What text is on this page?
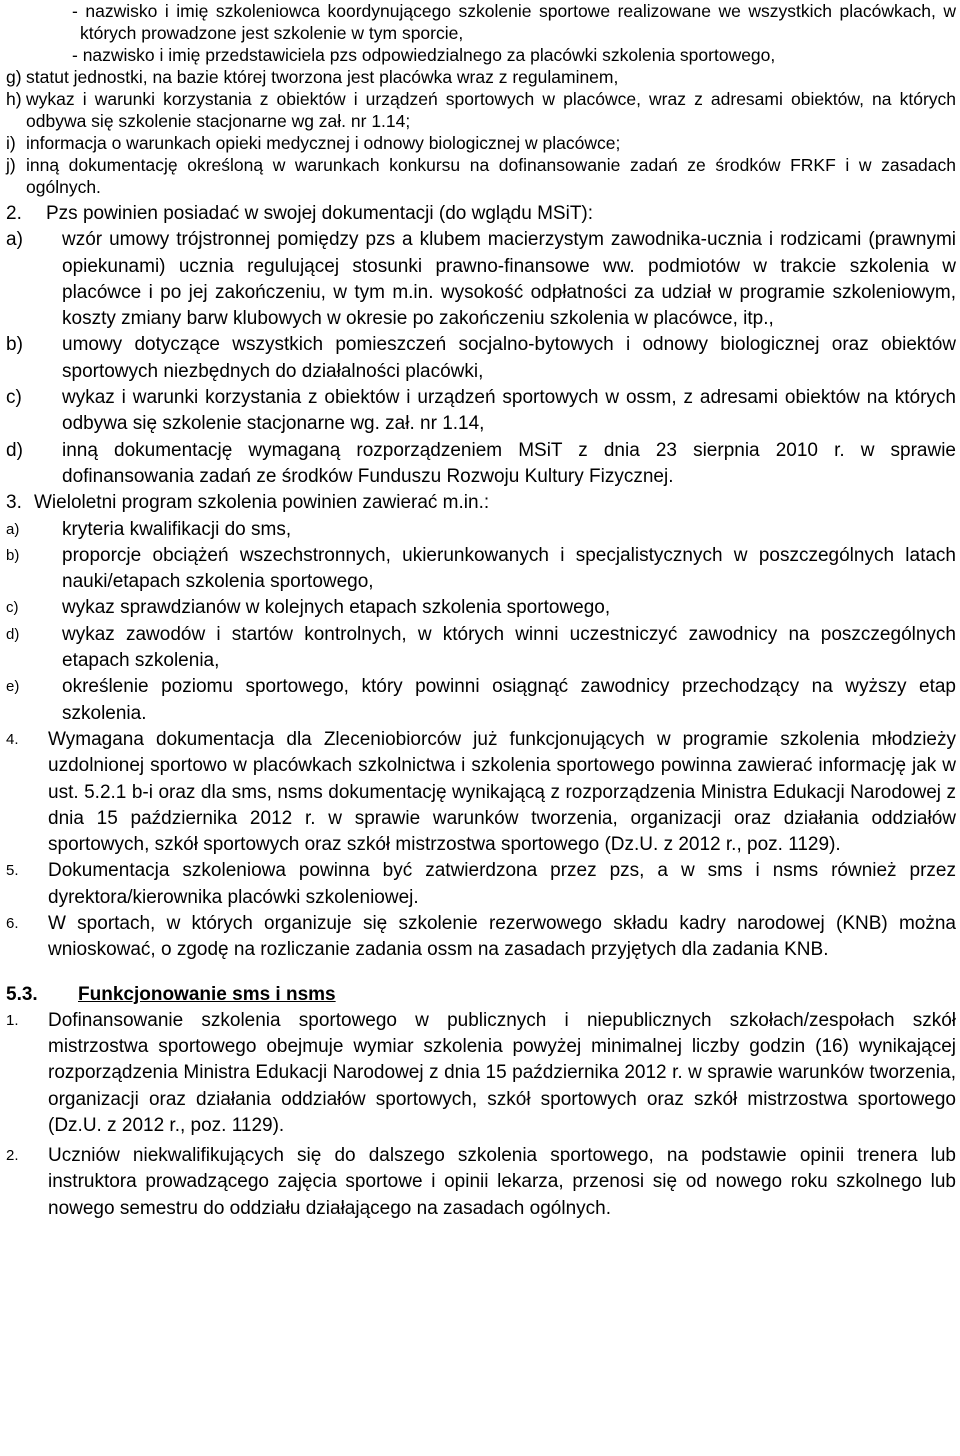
- nazwisko i imię szkoleniowca koordynującego szkolenie sportowe realizowane we wszystkich placówkach, w których prowadzone jest szkolenie w tym sporcie,
- nazwisko i imię przedstawiciela pzs odpowiedzialnego za placówki szkolenia sportowego,
g) statut jednostki, na bazie której tworzona jest placówka wraz z regulaminem,
h) wykaz i warunki korzystania z obiektów i urządzeń sportowych w placówce, wraz z adresami obiektów, na których odbywa się szkolenie stacjonarne wg zał. nr 1.14;
i) informacja o warunkach opieki medycznej i odnowy biologicznej w placówce;
j) inną dokumentację określoną w warunkach konkursu na dofinansowanie zadań ze środków FRKF i w zasadach ogólnych.
2. Pzs powinien posiadać w swojej dokumentacji (do wglądu MSiT):
a) wzór umowy trójstronnej pomiędzy pzs a klubem macierzystym zawodnika-ucznia i rodzicami (prawnymi opiekunami) ucznia regulującej stosunki prawno-finansowe ww. podmiotów w trakcie szkolenia w placówce i po jej zakończeniu, w tym m.in. wysokość odpłatności za udział w programie szkoleniowym, koszty zmiany barw klubowych w okresie po zakończeniu szkolenia w placówce, itp.,
b) umowy dotyczące wszystkich pomieszczeń socjalno-bytowych i odnowy biologicznej oraz obiektów sportowych niezbędnych do działalności placówki,
c) wykaz i warunki korzystania z obiektów i urządzeń sportowych w ossm, z adresami obiektów na których odbywa się szkolenie stacjonarne wg. zał. nr 1.14,
d) inną dokumentację wymaganą rozporządzeniem MSiT z dnia 23 sierpnia 2010 r. w sprawie dofinansowania zadań ze środków Funduszu Rozwoju Kultury Fizycznej.
3. Wieloletni program szkolenia powinien zawierać m.in.:
a) kryteria kwalifikacji do sms,
b) proporcje obciążeń wszechstronnych, ukierunkowanych i specjalistycznych w poszczególnych latach nauki/etapach szkolenia sportowego,
c) wykaz sprawdzianów w kolejnych etapach szkolenia sportowego,
d) wykaz zawodów i startów kontrolnych, w których winni uczestniczyć zawodnicy na poszczególnych etapach szkolenia,
e) określenie poziomu sportowego, który powinni osiągnąć zawodnicy przechodzący na wyższy etap szkolenia.
4. Wymagana dokumentacja dla Zleceniobiorców już funkcjonujących w programie szkolenia młodzieży uzdolnionej sportowo w placówkach szkolnictwa i szkolenia sportowego powinna zawierać informację jak w ust. 5.2.1 b-i oraz dla sms, nsms dokumentację wynikającą z rozporządzenia Ministra Edukacji Narodowej z dnia 15 października 2012 r. w sprawie warunków tworzenia, organizacji oraz działania oddziałów sportowych, szkół sportowych oraz szkół mistrzostwa sportowego (Dz.U. z 2012 r., poz. 1129).
5. Dokumentacja szkoleniowa powinna być zatwierdzona przez pzs, a w sms i nsms również przez dyrektora/kierownika placówki szkoleniowej.
6. W sportach, w których organizuje się szkolenie rezerwowego składu kadry narodowej (KNB) można wnioskować, o zgodę na rozliczanie zadania ossm na zasadach przyjętych dla zadania KNB.
5.3. Funkcjonowanie sms i nsms
1. Dofinansowanie szkolenia sportowego w publicznych i niepublicznych szkołach/zespołach szkół mistrzostwa sportowego obejmuje wymiar szkolenia powyżej minimalnej liczby godzin (16) wynikającej rozporządzenia Ministra Edukacji Narodowej z dnia 15 października 2012 r. w sprawie warunków tworzenia, organizacji oraz działania oddziałów sportowych, szkół sportowych oraz szkół mistrzostwa sportowego (Dz.U. z 2012 r., poz. 1129).
2. Uczniów niekwalifikujących się do dalszego szkolenia sportowego, na podstawie opinii trenera lub instruktora prowadzącego zajęcia sportowe i opinii lekarza, przenosi się od nowego roku szkolnego lub nowego semestru do oddziału działającego na zasadach ogólnych.
